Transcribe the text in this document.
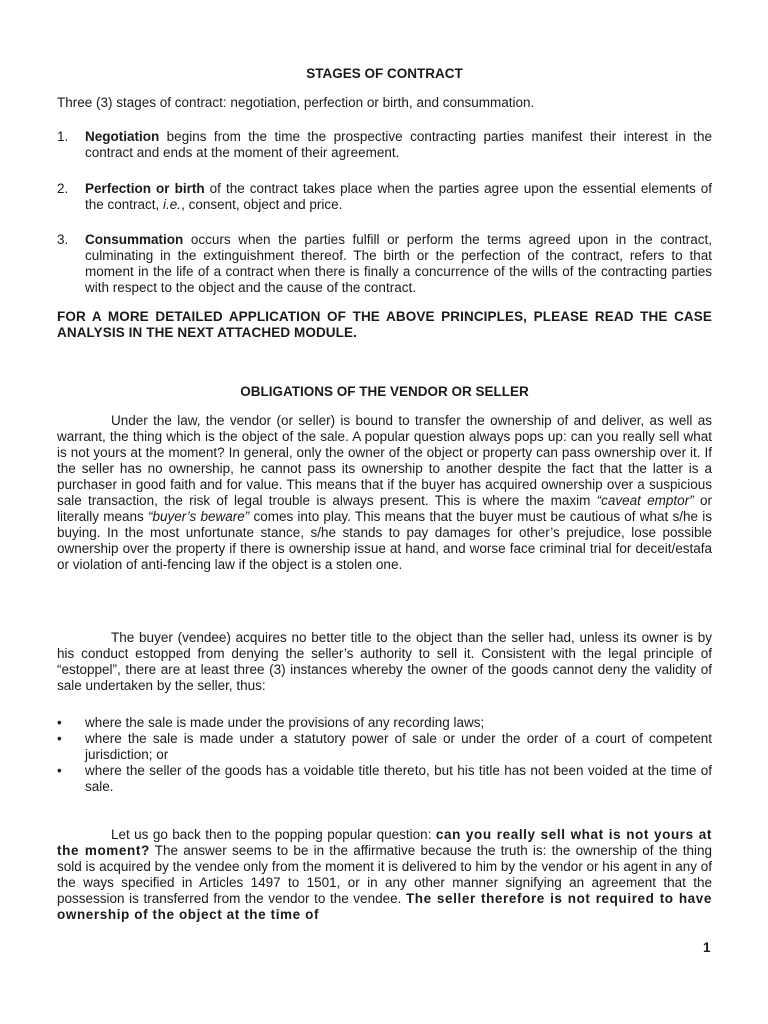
STAGES OF CONTRACT
Three (3) stages of contract: negotiation, perfection or birth, and consummation.
1. Negotiation begins from the time the prospective contracting parties manifest their interest in the contract and ends at the moment of their agreement.
2. Perfection or birth of the contract takes place when the parties agree upon the essential elements of the contract, i.e., consent, object and price.
3. Consummation occurs when the parties fulfill or perform the terms agreed upon in the contract, culminating in the extinguishment thereof. The birth or the perfection of the contract, refers to that moment in the life of a contract when there is finally a concurrence of the wills of the contracting parties with respect to the object and the cause of the contract.
FOR A MORE DETAILED APPLICATION OF THE ABOVE PRINCIPLES, PLEASE READ THE CASE ANALYSIS IN THE NEXT ATTACHED MODULE.
OBLIGATIONS OF THE VENDOR OR SELLER
Under the law, the vendor (or seller) is bound to transfer the ownership of and deliver, as well as warrant, the thing which is the object of the sale. A popular question always pops up: can you really sell what is not yours at the moment? In general, only the owner of the object or property can pass ownership over it. If the seller has no ownership, he cannot pass its ownership to another despite the fact that the latter is a purchaser in good faith and for value. This means that if the buyer has acquired ownership over a suspicious sale transaction, the risk of legal trouble is always present. This is where the maxim “caveat emptor” or literally means “buyer’s beware” comes into play. This means that the buyer must be cautious of what s/he is buying. In the most unfortunate stance, s/he stands to pay damages for other’s prejudice, lose possible ownership over the property if there is ownership issue at hand, and worse face criminal trial for deceit/estafa or violation of anti-fencing law if the object is a stolen one.
The buyer (vendee) acquires no better title to the object than the seller had, unless its owner is by his conduct estopped from denying the seller’s authority to sell it. Consistent with the legal principle of “estoppel”, there are at least three (3) instances whereby the owner of the goods cannot deny the validity of sale undertaken by the seller, thus:
• where the sale is made under the provisions of any recording laws;
• where the sale is made under a statutory power of sale or under the order of a court of competent jurisdiction; or
• where the seller of the goods has a voidable title thereto, but his title has not been voided at the time of sale.
Let us go back then to the popping popular question: can you really sell what is not yours at the moment? The answer seems to be in the affirmative because the truth is: the ownership of the thing sold is acquired by the vendee only from the moment it is delivered to him by the vendor or his agent in any of the ways specified in Articles 1497 to 1501, or in any other manner signifying an agreement that the possession is transferred from the vendor to the vendee. The seller therefore is not required to have ownership of the object at the time of
1
